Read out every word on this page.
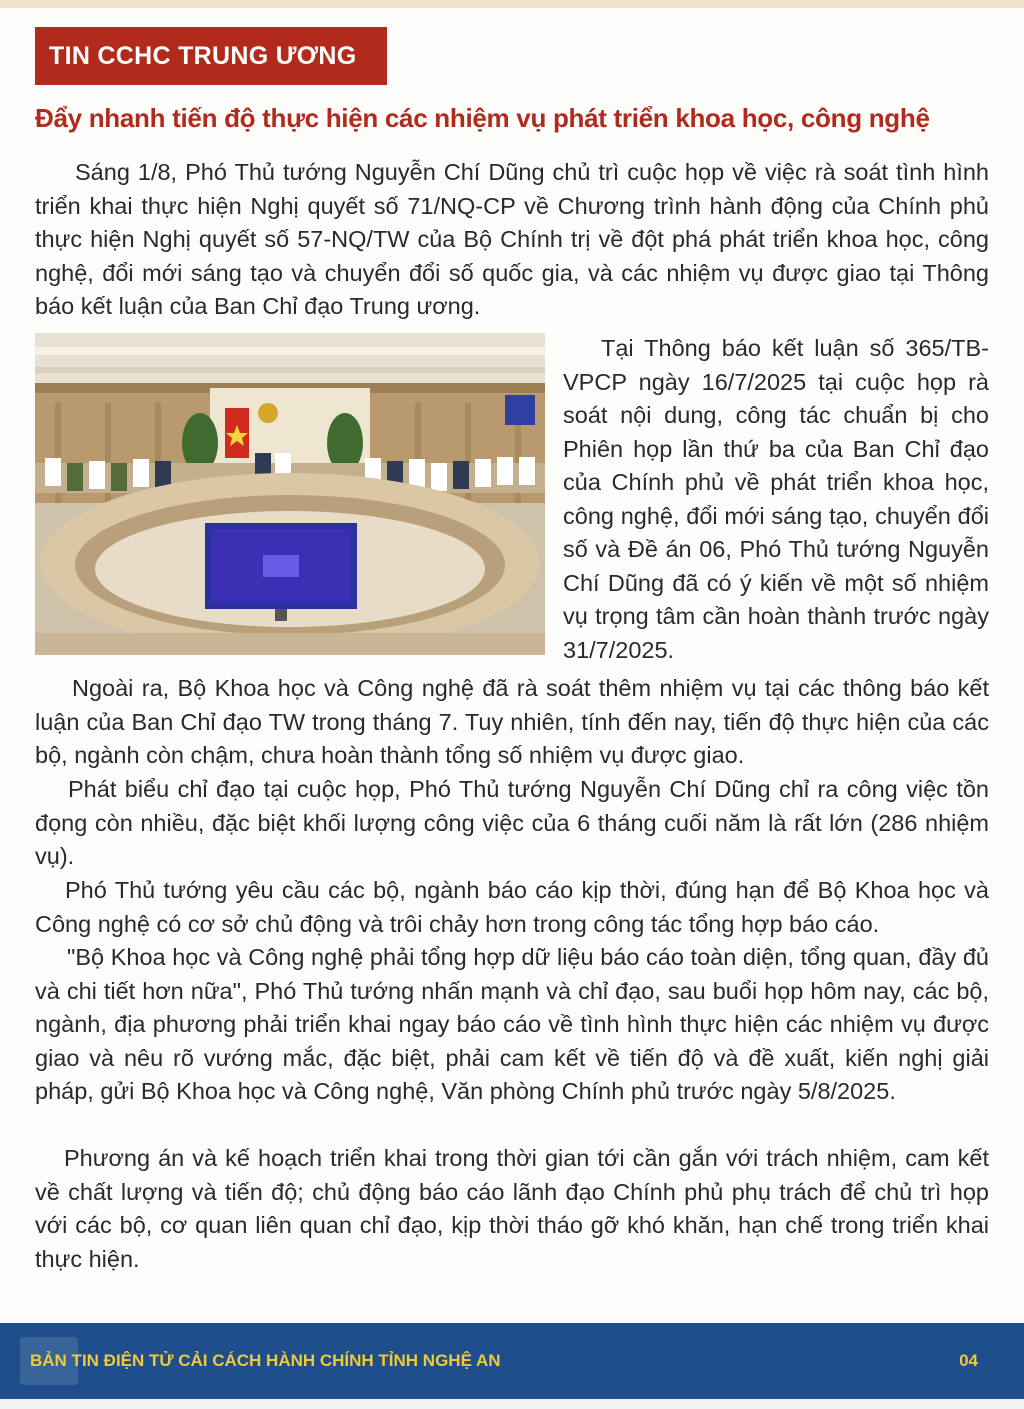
TIN CCHC TRUNG ƯƠNG
Đẩy nhanh tiến độ thực hiện các nhiệm vụ phát triển khoa học, công nghệ

Sáng 1/8, Phó Thủ tướng Nguyễn Chí Dũng chủ trì cuộc họp về việc rà soát tình hình triển khai thực hiện Nghị quyết số 71/NQ-CP về Chương trình hành động của Chính phủ thực hiện Nghị quyết số 57-NQ/TW của Bộ Chính trị về đột phá phát triển khoa học, công nghệ, đổi mới sáng tạo và chuyển đổi số quốc gia, và các nhiệm vụ được giao tại Thông báo kết luận của Ban Chỉ đạo Trung ương.

Tại Thông báo kết luận số 365/TB-VPCP ngày 16/7/2025 tại cuộc họp rà soát nội dung, công tác chuẩn bị cho Phiên họp lần thứ ba của Ban Chỉ đạo của Chính phủ về phát triển khoa học, công nghệ, đổi mới sáng tạo, chuyển đổi số và Đề án 06, Phó Thủ tướng Nguyễn Chí Dũng đã có ý kiến về một số nhiệm vụ trọng tâm cần hoàn thành trước ngày 31/7/2025.

Ngoài ra, Bộ Khoa học và Công nghệ đã rà soát thêm nhiệm vụ tại các thông báo kết luận của Ban Chỉ đạo TW trong tháng 7. Tuy nhiên, tính đến nay, tiến độ thực hiện của các bộ, ngành còn chậm, chưa hoàn thành tổng số nhiệm vụ được giao.

Phát biểu chỉ đạo tại cuộc họp, Phó Thủ tướng Nguyễn Chí Dũng chỉ ra công việc tồn đọng còn nhiều, đặc biệt khối lượng công việc của 6 tháng cuối năm là rất lớn (286 nhiệm vụ).

Phó Thủ tướng yêu cầu các bộ, ngành báo cáo kịp thời, đúng hạn để Bộ Khoa học và Công nghệ có cơ sở chủ động và trôi chảy hơn trong công tác tổng hợp báo cáo.

"Bộ Khoa học và Công nghệ phải tổng hợp dữ liệu báo cáo toàn diện, tổng quan, đầy đủ và chi tiết hơn nữa", Phó Thủ tướng nhấn mạnh và chỉ đạo, sau buổi họp hôm nay, các bộ, ngành, địa phương phải triển khai ngay báo cáo về tình hình thực hiện các nhiệm vụ được giao và nêu rõ vướng mắc, đặc biệt, phải cam kết về tiến độ và đề xuất, kiến nghị giải pháp, gửi Bộ Khoa học và Công nghệ, Văn phòng Chính phủ trước ngày 5/8/2025.

Phương án và kế hoạch triển khai trong thời gian tới cần gắn với trách nhiệm, cam kết về chất lượng và tiến độ; chủ động báo cáo lãnh đạo Chính phủ phụ trách để chủ trì họp với các bộ, cơ quan liên quan chỉ đạo, kịp thời tháo gỡ khó khăn, hạn chế trong triển khai thực hiện.

BẢN TIN ĐIỆN TỬ CẢI CÁCH HÀNH CHÍNH TỈNH NGHỆ AN	04
